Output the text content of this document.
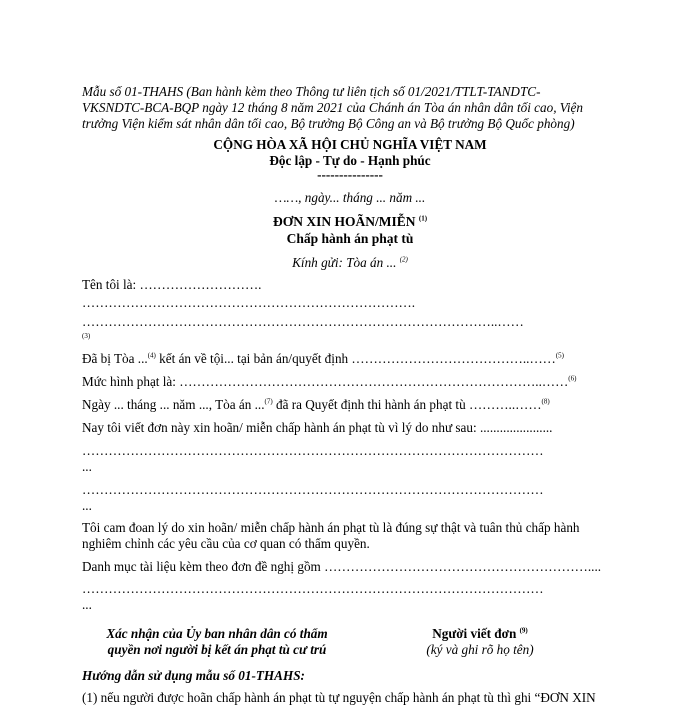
Mẫu số 01-THAHS (Ban hành kèm theo Thông tư liên tịch số 01/2021/TTLT-TANDTC-
VKSNDTC-BCA-BQP ngày 12 tháng 8 năm 2021 của Chánh án Tòa án nhân dân tối cao, Viện
trưởng Viện kiểm sát nhân dân tối cao, Bộ trưởng Bộ Công an và Bộ trưởng Bộ Quốc phòng)
CỘNG HÒA XÃ HỘI CHỦ NGHĨA VIỆT NAM
Độc lập - Tự do - Hạnh phúc
---------------
……, ngày... tháng ... năm ...
ĐƠN XIN HOÃN/MIỄN $^{(1)}$
Chấp hành án phạt tù
Kính gửi: Tòa án ... $^{(2)}$
Tên tôi là: ……………………….
………………………………………………………………….
…………………………………………………………………………………..……
(3)
Đã bị Tòa ...$^{(4)}$ kết án về tội... tại bản án/quyết định …………………………………..……$^{(5)}$
Mức hình phạt là: ………………………………………………………………………..……$^{(6)}$
Ngày ... tháng ... năm ..., Tòa án ...$^{(7)}$ đã ra Quyết định thi hành án phạt tù ………..……$^{(8)}$
Nay tôi viết đơn này xin hoãn/ miễn chấp hành án phạt tù vì lý do như sau: ......................
……………………………………………………………………………………………
...
……………………………………………………………………………………………
...
Tôi cam đoan lý do xin hoãn/ miễn chấp hành án phạt tù là đúng sự thật và tuân thủ chấp hành
nghiêm chỉnh các yêu cầu của cơ quan có thẩm quyền.
Danh mục tài liệu kèm theo đơn đề nghị gồm ……………………………………………………....
……………………………………………………………………………………………
...
Xác nhận của Ủy ban nhân dân có thẩm
quyền nơi người bị kết án phạt tù cư trú
Người viết đơn $^{(9)}$
(ký và ghi rõ họ tên)
Hướng dẫn sử dụng mẫu số 01-THAHS:
(1) nếu người được hoãn chấp hành án phạt tù tự nguyện chấp hành án phạt tù thì ghi “ĐƠN XIN
